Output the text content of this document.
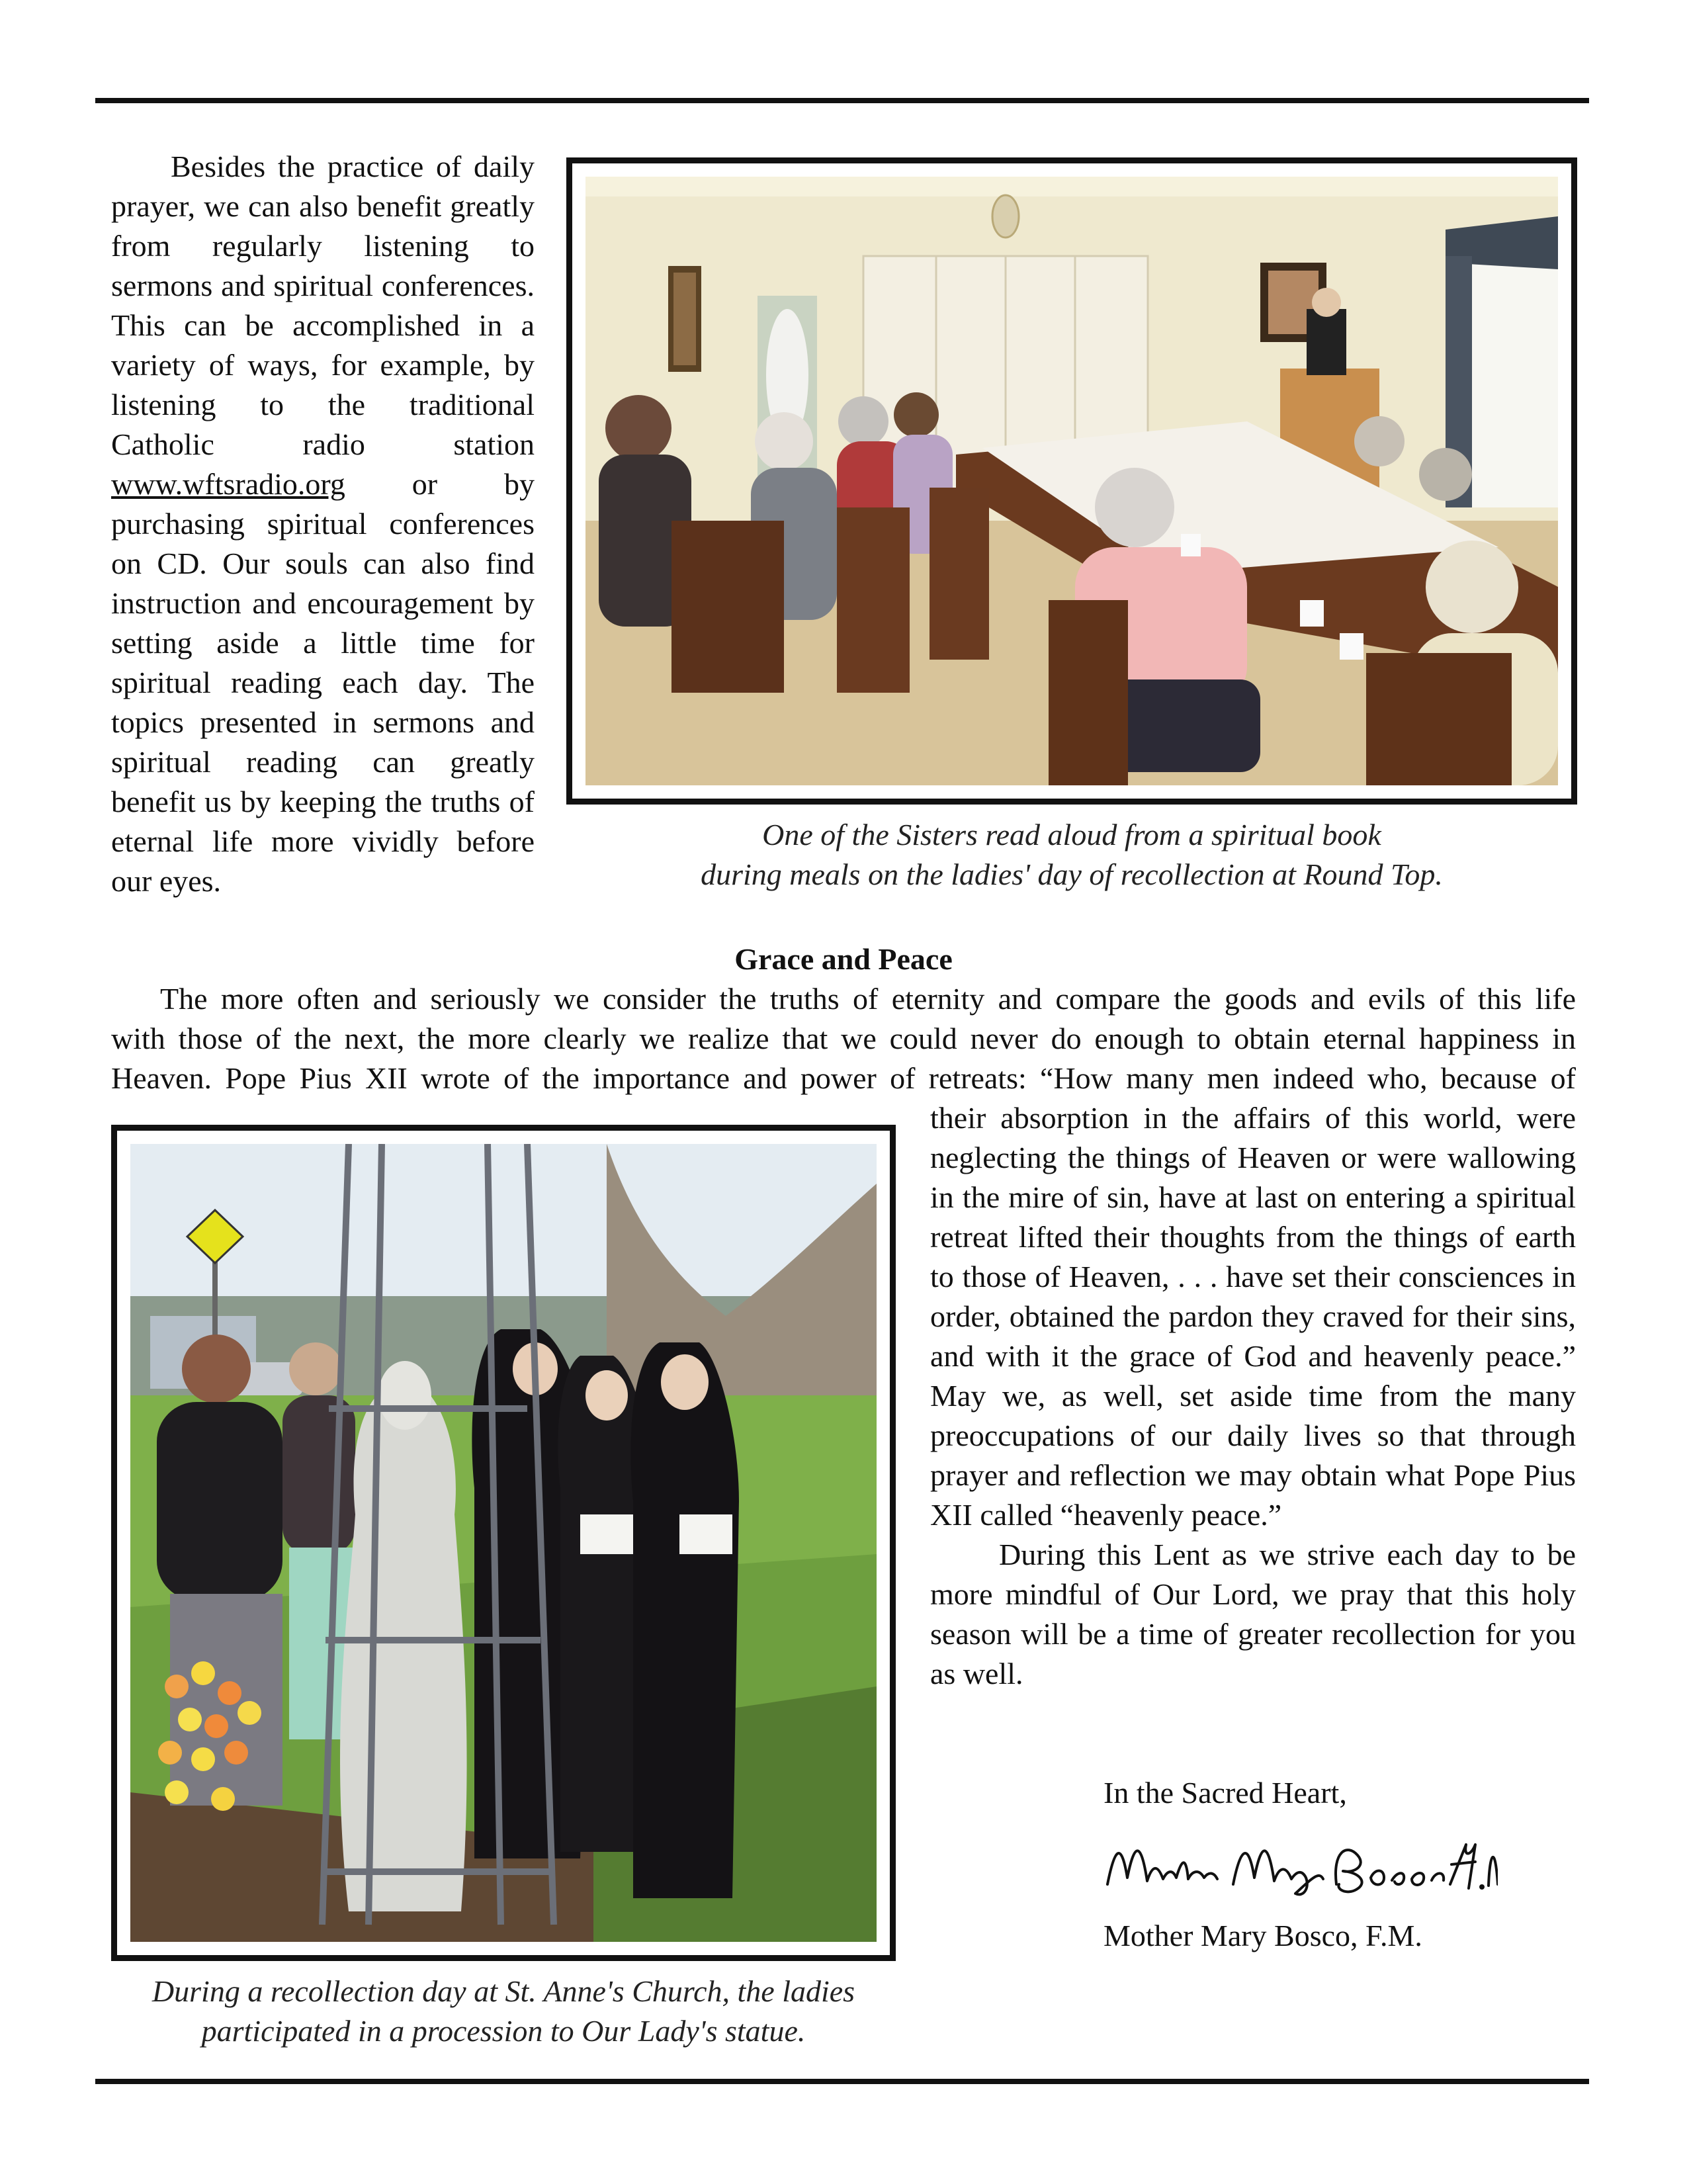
Besides the practice of daily prayer, we can also benefit greatly from regularly listening to sermons and spiritual conferences. This can be accomplished in a variety of ways, for example, by listening to the traditional Catholic radio station www.wftsradio.org or by purchasing spiritual conferences on CD. Our souls can also find instruction and encouragement by setting aside a little time for spiritual reading each day. The topics presented in sermons and spiritual reading can greatly benefit us by keeping the truths of eternal life more vividly before our eyes.

One of the Sisters read aloud from a spiritual book
during meals on the ladies' day of recollection at Round Top.
Grace and Peace
The more often and seriously we consider the truths of eternity and compare the goods and evils of this life
with those of the next, the more clearly we realize that we could never do enough to obtain eternal happiness in
Heaven. Pope Pius XII wrote of the importance and power of retreats: “How many men indeed who, because of
During a recollection day at St. Anne's Church, the ladies
participated in a procession to Our Lady's statue.

their absorption in the affairs of this world, were neglecting the things of Heaven or were wallowing in the mire of sin, have at last on entering a spiritual retreat lifted their thoughts from the things of earth to those of Heaven, . . . have set their consciences in order, obtained the pardon they craved for their sins, and with it the grace of God and heavenly peace.” May we, as well, set aside time from the many preoccupations of our daily lives so that through prayer and reflection we may obtain what Pope Pius XII called “heavenly peace.”

During this Lent as we strive each day to be more mindful of Our Lord, we pray that this holy season will be a time of greater recollection for you as well.

In the Sacred Heart,
Mother Mary Bosco, F.M.
